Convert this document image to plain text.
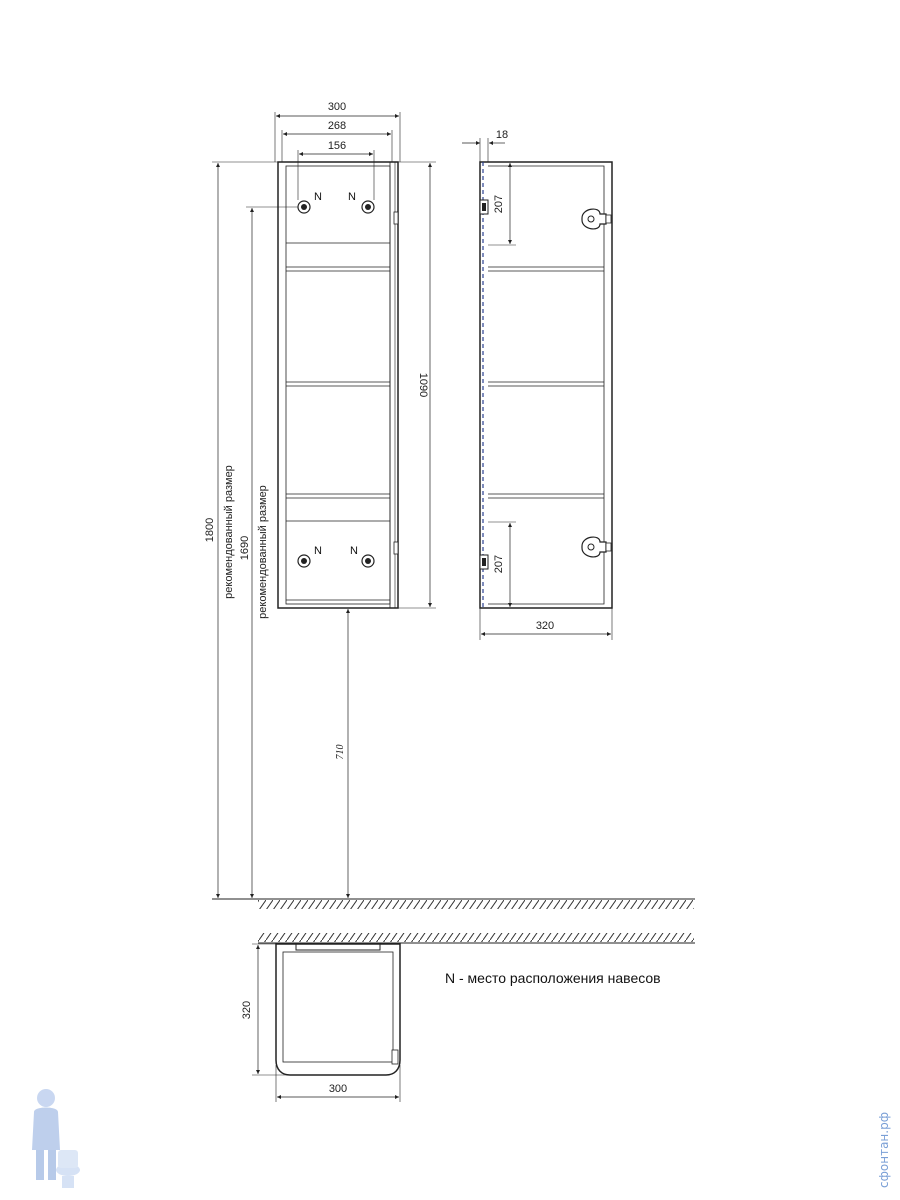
N N
N	N
300
268
156
1090
1800 рекомендованный размер 1690 рекомендованный размер
710
18
207
207
320
320
300
N - место расположения навесов
сфонтан.рф
